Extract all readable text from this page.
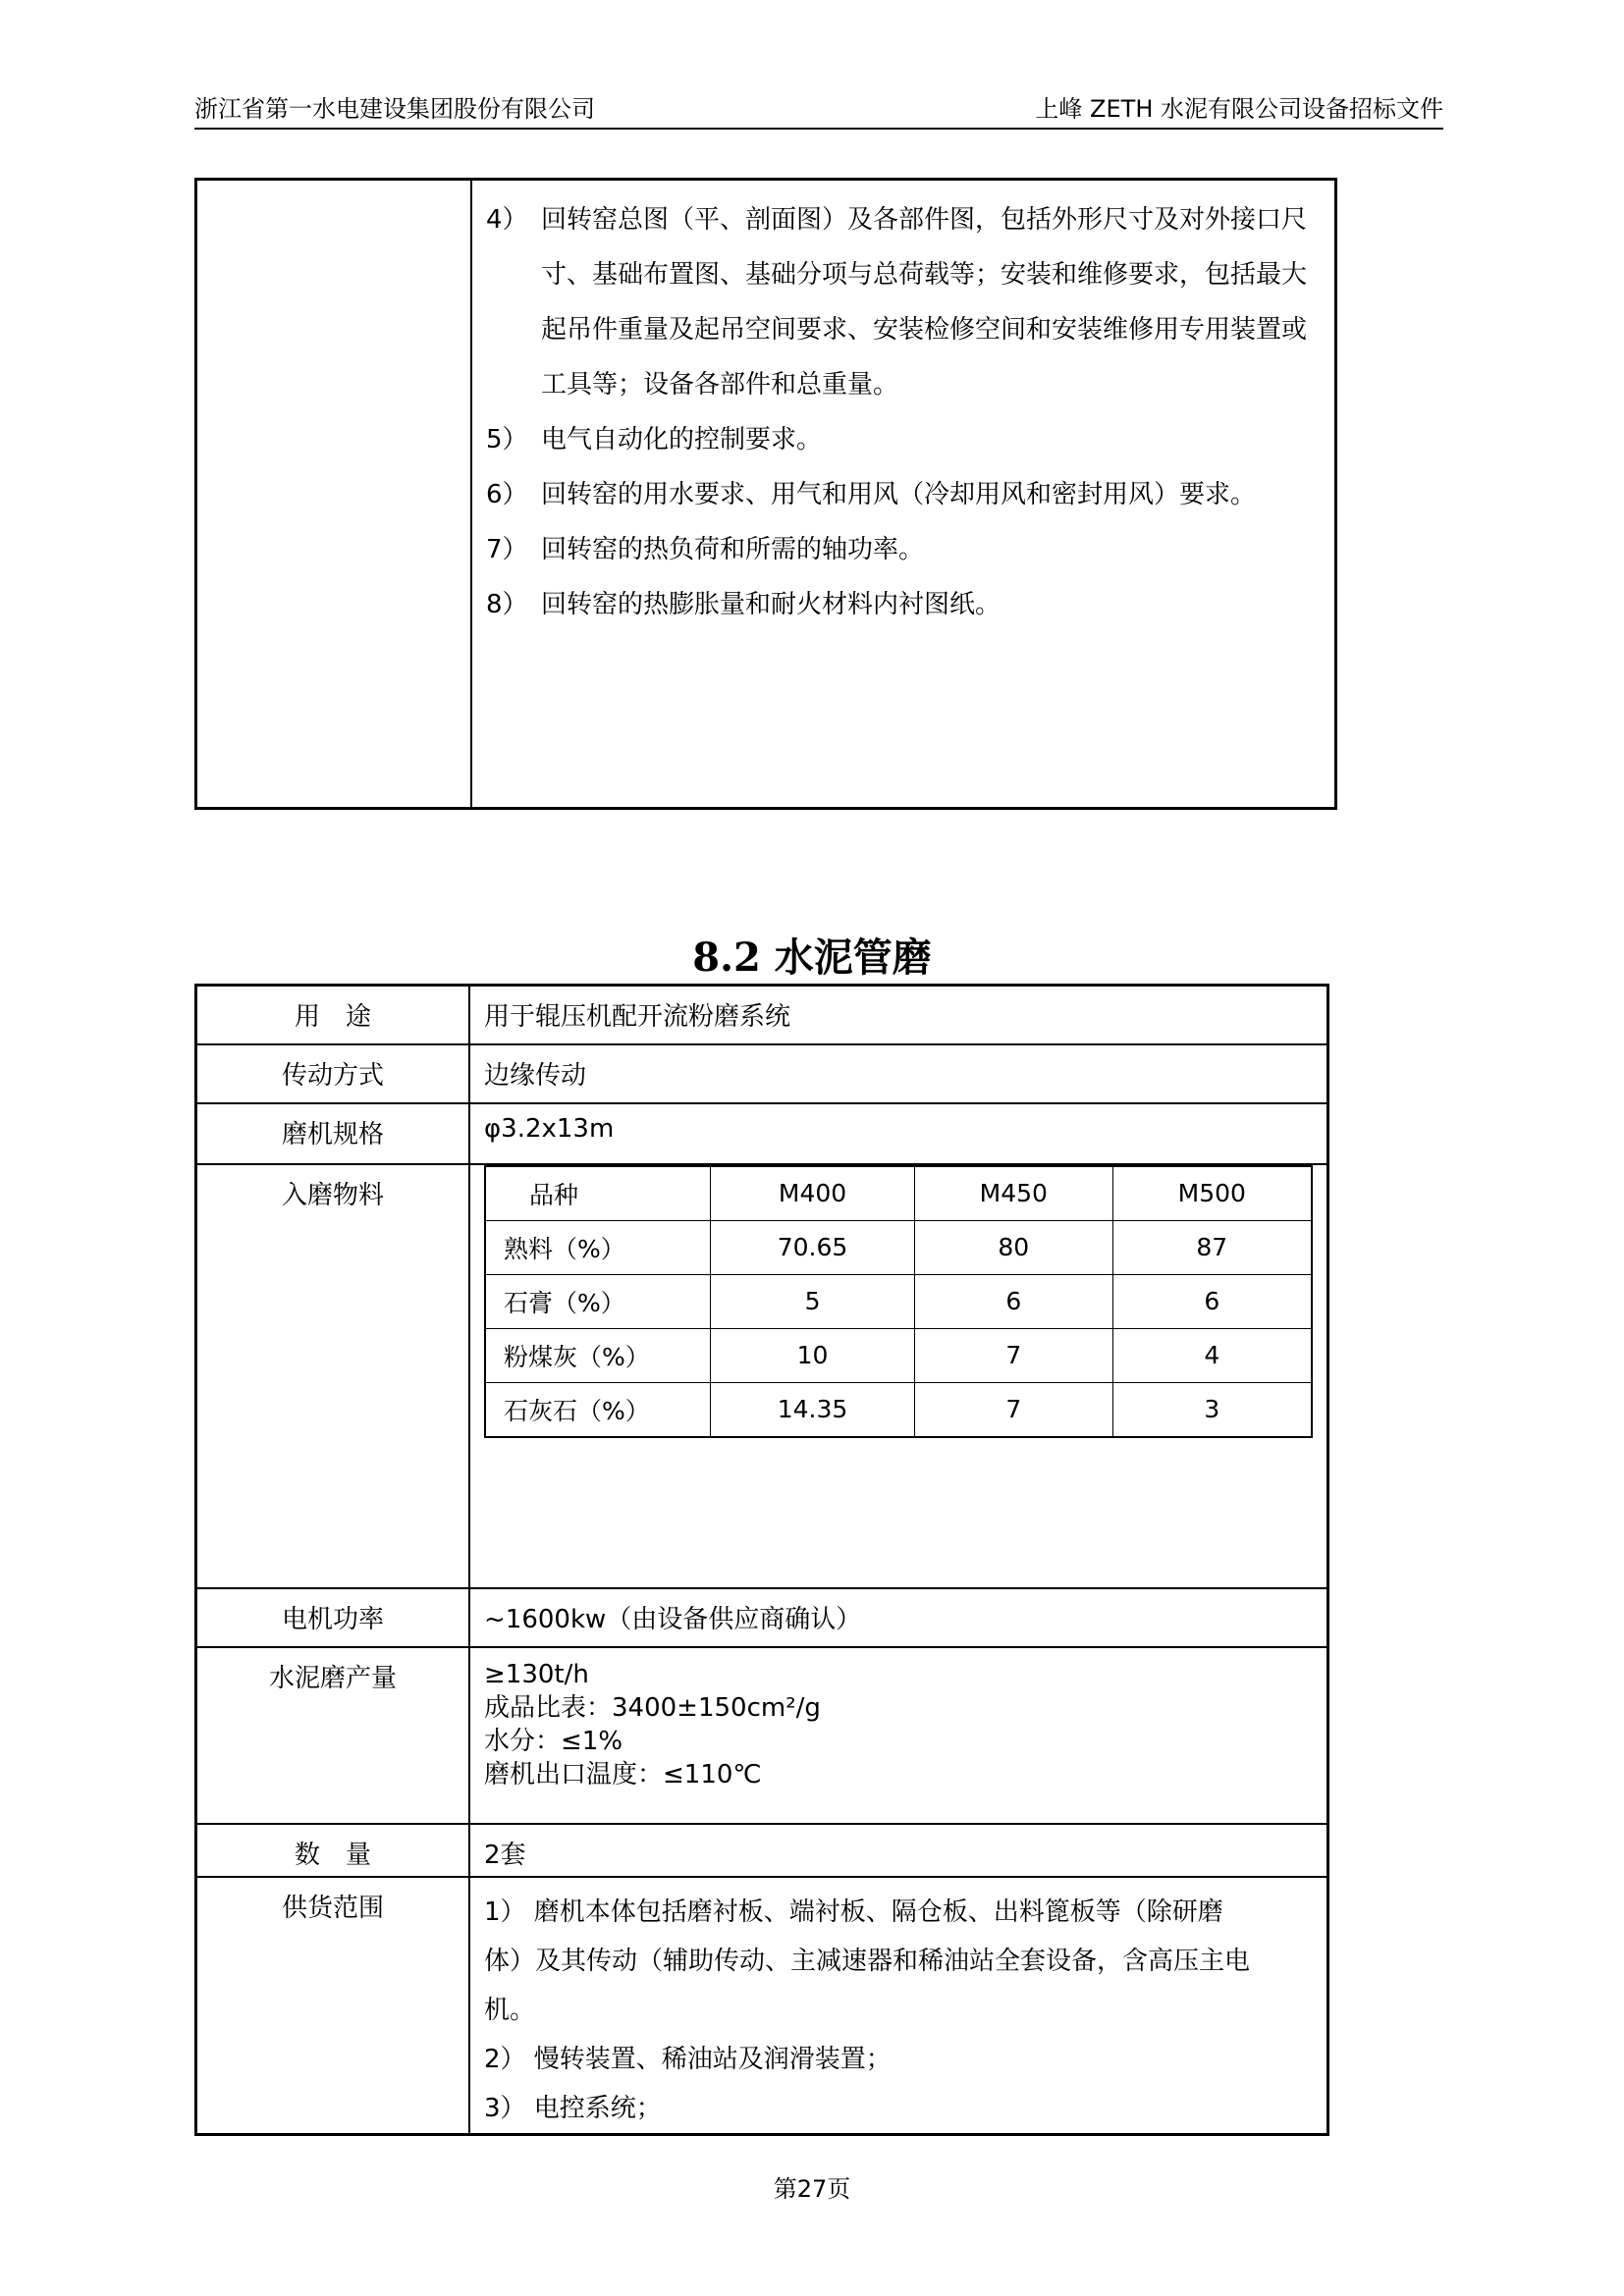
浙江省第一水电建设集团股份有限公司	上峰 ZETH 水泥有限公司设备招标文件

4） 回转窑总图（平、剖面图）及各部件图，包括外形尺寸及对外接口尺寸、基础布置图、基础分项与总荷载等；安装和维修要求，包括最大起吊件重量及起吊空间要求、安装检修空间和安装维修用专用装置或工具等；设备各部件和总重量。
5） 电气自动化的控制要求。
6） 回转窑的用水要求、用气和用风（冷却用风和密封用风）要求。
7） 回转窑的热负荷和所需的轴功率。
8） 回转窑的热膨胀量和耐火材料内衬图纸。
8.2 水泥管磨
用　途	用于辊压机配开流粉磨系统
传动方式	边缘传动
磨机规格	φ3.2x13m
入磨物料		品种	M400	M450	M500
熟料（%）	70.65	80	87
石膏（%）	5	6	6
粉煤灰（%）	10	7	4
石灰石（%）	14.35	7	3

电机功率	~1600kw（由设备供应商确认）
水泥磨产量	≥130t/h
成品比表：3400±150cm²/g
水分：≤1%
磨机出口温度：≤110℃

数　量	2套
供货范围	1） 磨机本体包括磨衬板、端衬板、隔仓板、出料篦板等（除研磨
体）及其传动（辅助传动、主减速器和稀油站全套设备，含高压主电
机。
2） 慢转装置、稀油站及润滑装置；
3） 电控系统；
第27页
